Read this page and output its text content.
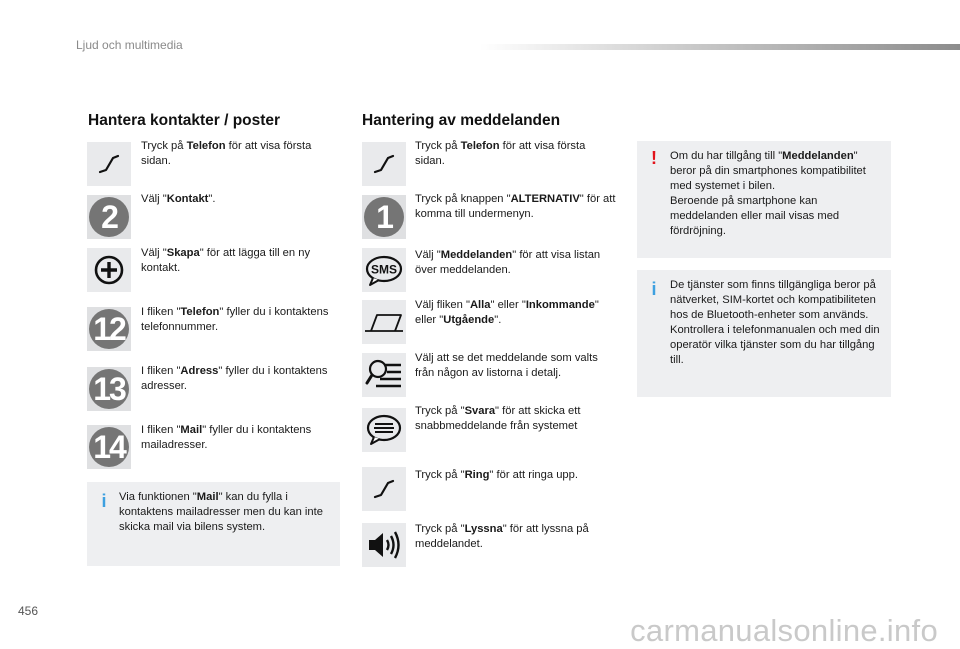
Ljud och multimedia
Hantera kontakter / poster
Tryck på Telefon för att visa första sidan.
2	Välj "Kontakt".
Välj "Skapa" för att lägga till en ny kontakt.
12	I fliken "Telefon" fyller du i kontaktens telefonnummer.
13	I fliken "Adress" fyller du i kontaktens adresser.
14	I fliken "Mail" fyller du i kontaktens mailadresser.
i	Via funktionen "Mail" kan du fylla i kontaktens mailadresser men du kan inte skicka mail via bilens system.
Hantering av meddelanden
Tryck på Telefon för att visa första sidan.
1	Tryck på knappen "ALTERNATIV" för att komma till undermenyn.
SMS
Välj "Meddelanden" för att visa listan över meddelanden.
Välj fliken "Alla" eller "Inkommande" eller "Utgående".
Välj att se det meddelande som valts från någon av listorna i detalj.
Tryck på "Svara" för att skicka ett snabbmeddelande från systemet
Tryck på "Ring" för att ringa upp.
Tryck på "Lyssna" för att lyssna på meddelandet.
! Om du har tillgång till "Meddelanden" beror på din smartphones kompatibilitet med systemet i bilen.
Beroende på smartphone kan meddelanden eller mail visas med fördröjning.
i	De tjänster som finns tillgängliga beror på nätverket, SIM-kortet och kompatibiliteten hos de Bluetooth-enheter som används.
Kontrollera i telefonmanualen och med din operatör vilka tjänster som du har tillgång till.
456
carmanualsonline.info
